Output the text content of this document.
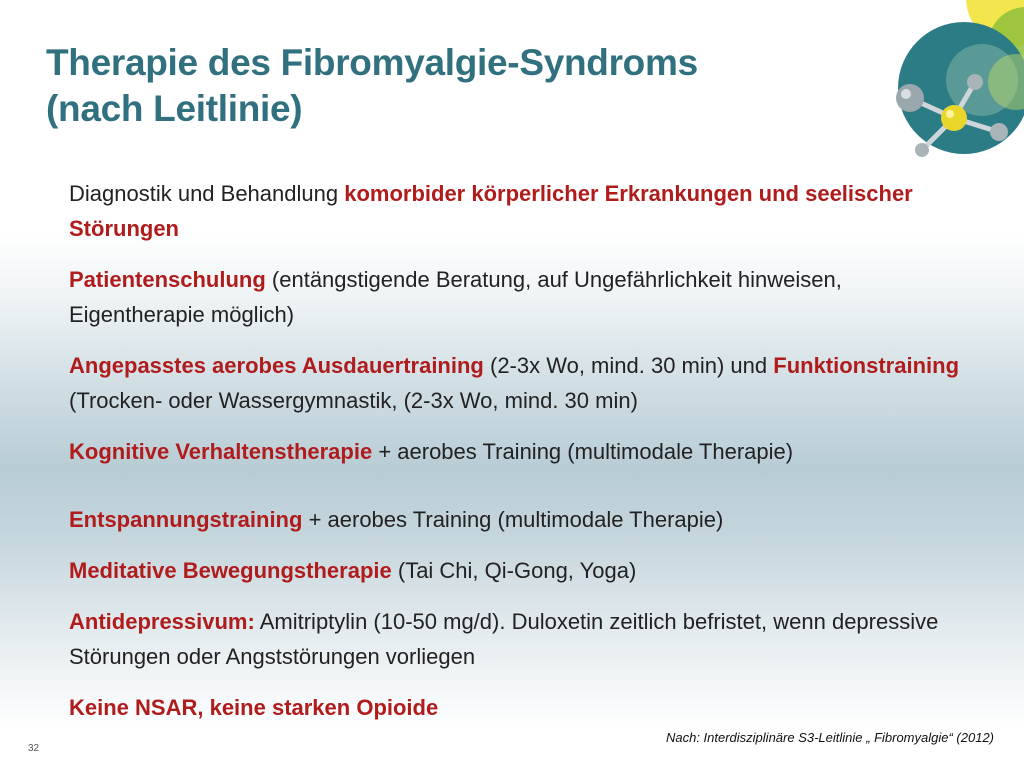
Therapie des Fibromyalgie-Syndroms
(nach Leitlinie)
Diagnostik und Behandlung komorbider körperlicher Erkrankungen und seelischer Störungen
Patientenschulung (entängstigende Beratung, auf Ungefährlichkeit hinweisen, Eigentherapie möglich)
Angepasstes aerobes Ausdauertraining (2-3x Wo, mind. 30 min) und Funktionstraining (Trocken- oder Wassergymnastik, (2-3x Wo, mind. 30 min)
Kognitive Verhaltenstherapie + aerobes Training (multimodale Therapie)
Entspannungstraining + aerobes Training (multimodale Therapie)
Meditative Bewegungstherapie (Tai Chi, Qi-Gong, Yoga)
Antidepressivum: Amitriptylin (10-50 mg/d). Duloxetin zeitlich befristet, wenn depressive Störungen oder Angststörungen vorliegen
Keine NSAR, keine starken Opioide
Nach: Interdisziplinäre S3-Leitlinie „ Fibromyalgie“ (2012)
32
